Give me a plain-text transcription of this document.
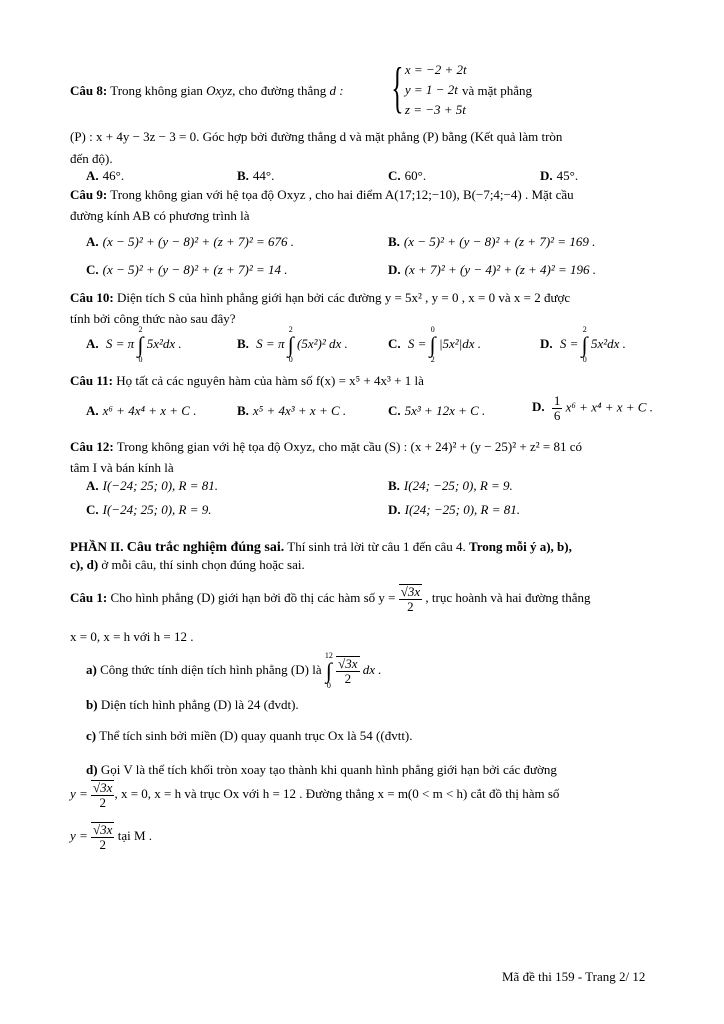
Câu 8: Trong không gian Oxyz, cho đường thẳng d : { x = −2 + 2t
y = 1 − 2t
z = −3 + 5t
và mặt phẳng
(P) : x + 4y − 3z − 3 = 0. Góc hợp bởi đường thẳng d và mặt phẳng (P) bằng (Kết quả làm tròn
đến độ).
A. 46°.	B. 44°.	C. 60°.	D. 45°.
Câu 9: Trong không gian với hệ tọa độ Oxyz , cho hai điểm A(17;12;−10), B(−7;4;−4) . Mặt cầu
đường kính AB có phương trình là
A. (x − 5)² + (y − 8)² + (z + 7)² = 676 .	B. (x − 5)² + (y − 8)² + (z + 7)² = 169 .
C. (x − 5)² + (y − 8)² + (z + 7)² = 14 .	D. (x + 7)² + (y − 4)² + (z + 4)² = 196 .
Câu 10: Diện tích S của hình phẳng giới hạn bởi các đường y = 5x² , y = 0 , x = 0 và x = 2 được
tính bởi công thức nào sau đây?
A. S = π
2
∫
0
5x²dx .	B. S = π
2
∫
0
(5x²)² dx .	C. S =
0
∫
2
|5x²|dx .	D. S =
2
∫
0
5x²dx .
Câu 11: Họ tất cả các nguyên hàm của hàm số f(x) = x⁵ + 4x³ + 1 là
A. x⁶ + 4x⁴ + x + C .	B. x⁵ + 4x³ + x + C .	C. 5x³ + 12x + C .	D. $\frac{1}{6} x^6 + x^4 + x + C$ .
Câu 12: Trong không gian với hệ tọa độ Oxyz, cho mặt cầu (S) : (x + 24)² + (y − 25)² + z² = 81 có
tâm I và bán kính là
A. I(−24; 25; 0), R = 81.	B. I(24; −25; 0), R = 9.
C. I(−24; 25; 0), R = 9.	D. I(24; −25; 0), R = 81.
PHẦN II. Câu trắc nghiệm đúng sai. Thí sinh trả lời từ câu 1 đến câu 4. Trong mỗi ý a), b),
c), d) ở mỗi câu, thí sinh chọn đúng hoặc sai.
Câu 1: Cho hình phẳng (D) giới hạn bởi đồ thị các hàm số $y = \frac{√3x}{2}$ , trục hoành và hai đường thẳng
x = 0, x = h với h = 12 .
a) Công thức tính diện tích hình phẳng (D) là
12
∫
0
$\frac{√3x}{2}$ dx .
b) Diện tích hình phẳng (D) là 24 (đvdt).
c) Thể tích sinh bởi miền (D) quay quanh trục Ox là 54 ((đvtt).
d) Gọi V là thể tích khối tròn xoay tạo thành khi quanh hình phẳng giới hạn bởi các đường
$y = \frac{√3x}{2}$ , x = 0, x = h và trục Ox với h = 12 . Đường thẳng x = m(0 < m < h) cắt đồ thị hàm số
$y = \frac{√3x}{2}$ tại M .
Mã đề thi 159 - Trang 2/ 12
